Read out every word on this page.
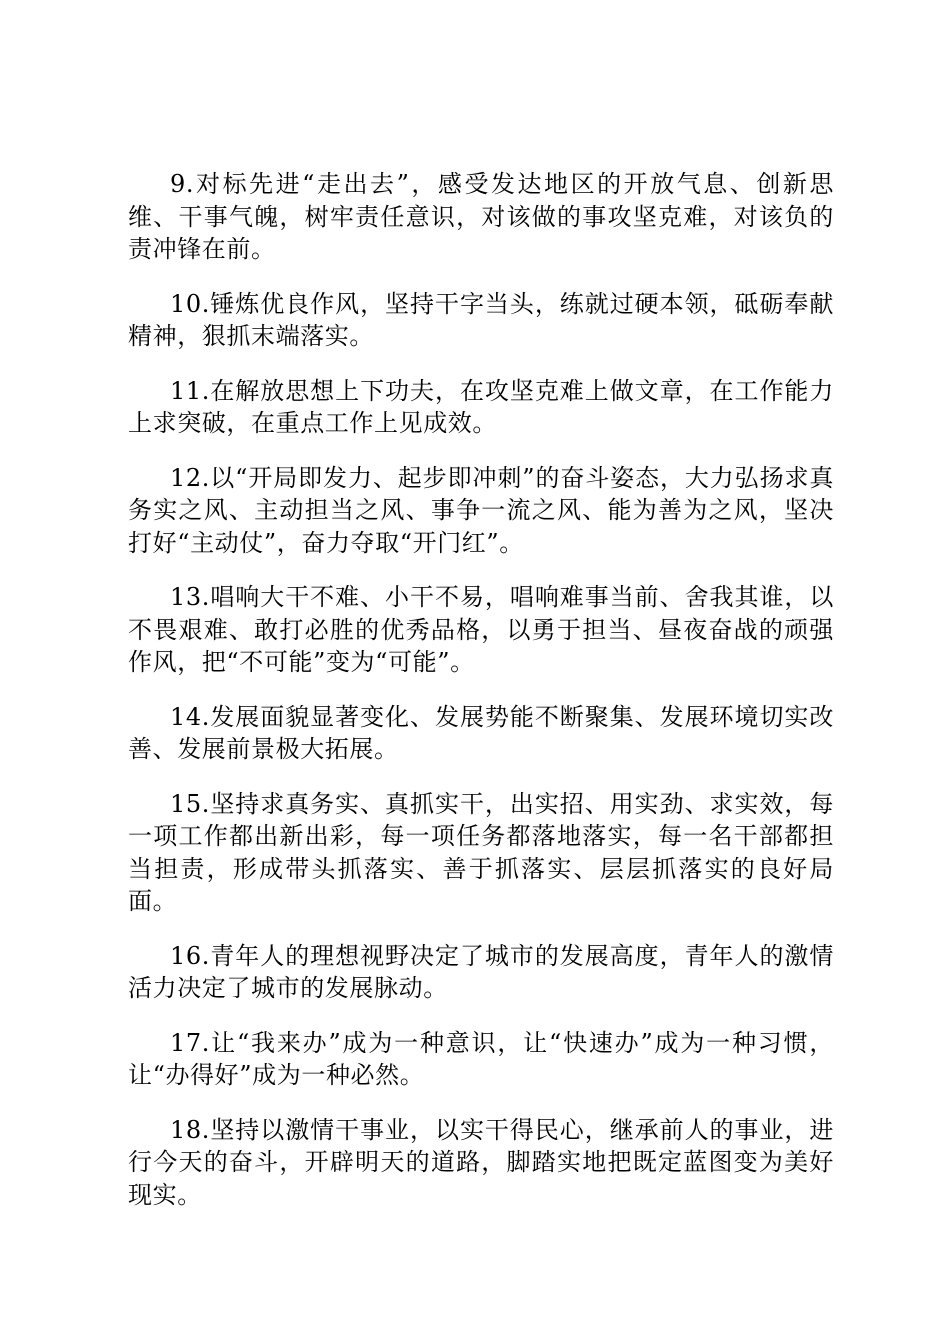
9.对标先进“走出去”，感受发达地区的开放气息、创新思维、干事气魄，树牢责任意识，对该做的事攻坚克难，对该负的责冲锋在前。

10.锤炼优良作风，坚持干字当头，练就过硬本领，砥砺奉献精神，狠抓末端落实。

11.在解放思想上下功夫，在攻坚克难上做文章，在工作能力上求突破，在重点工作上见成效。

12.以“开局即发力、起步即冲刺”的奋斗姿态，大力弘扬求真务实之风、主动担当之风、事争一流之风、能为善为之风，坚决打好“主动仗”，奋力夺取“开门红”。

13.唱响大干不难、小干不易，唱响难事当前、舍我其谁，以不畏艰难、敢打必胜的优秀品格，以勇于担当、昼夜奋战的顽强作风，把“不可能”变为“可能”。

14.发展面貌显著变化、发展势能不断聚集、发展环境切实改善、发展前景极大拓展。

15.坚持求真务实、真抓实干，出实招、用实劲、求实效，每一项工作都出新出彩，每一项任务都落地落实，每一名干部都担当担责，形成带头抓落实、善于抓落实、层层抓落实的良好局面。

16.青年人的理想视野决定了城市的发展高度，青年人的激情活力决定了城市的发展脉动。

17.让“我来办”成为一种意识，让“快速办”成为一种习惯，让“办得好”成为一种必然。

18.坚持以激情干事业，以实干得民心，继承前人的事业，进行今天的奋斗，开辟明天的道路，脚踏实地把既定蓝图变为美好现实。
